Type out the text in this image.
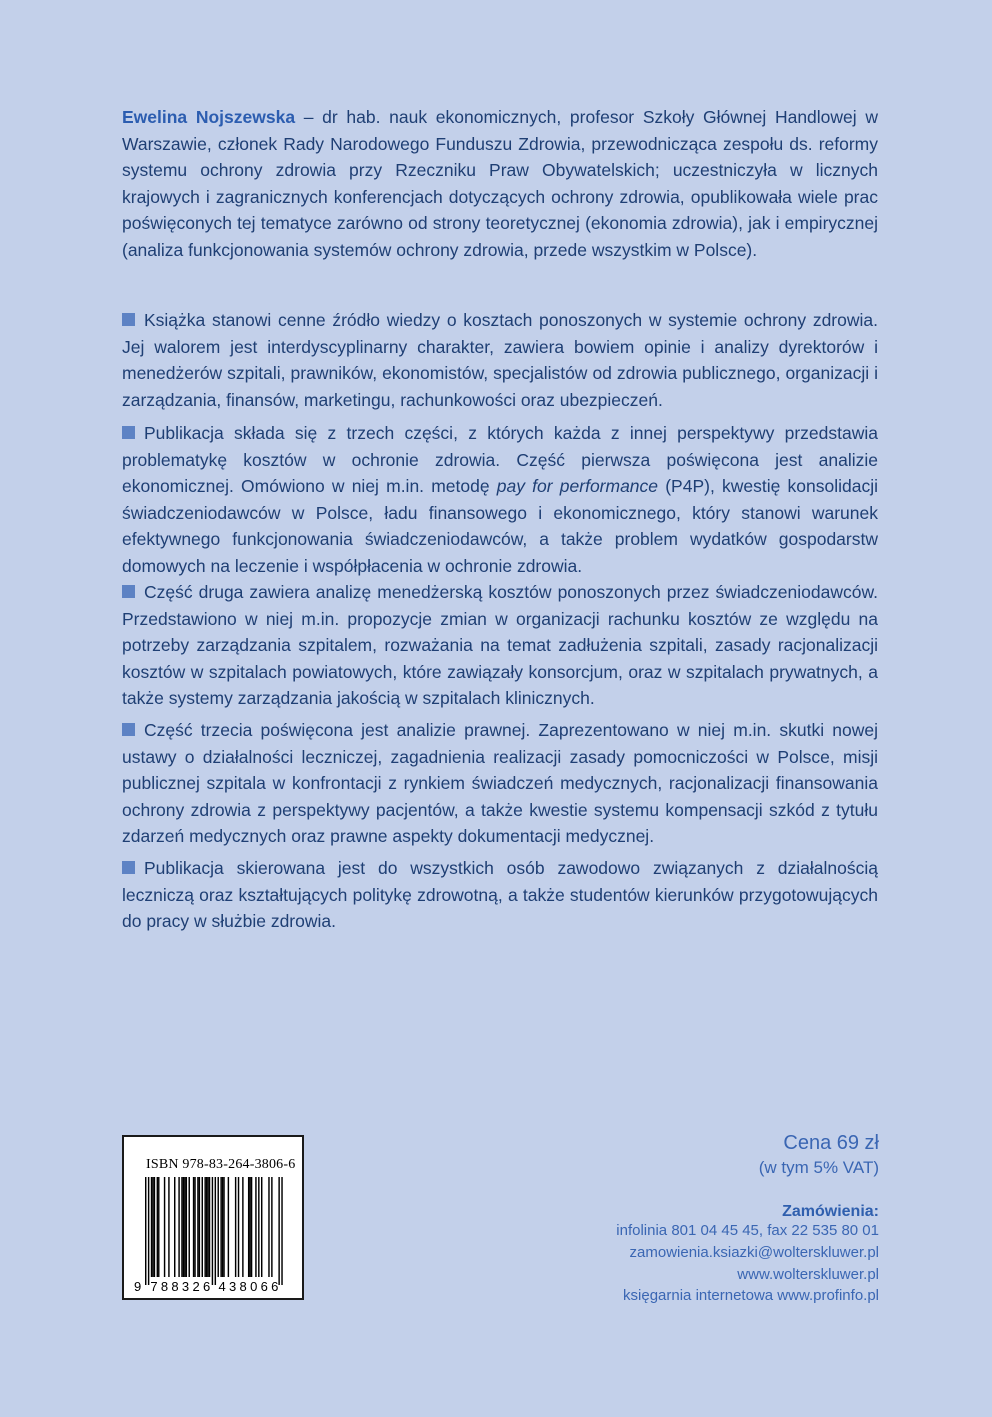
Ewelina Nojszewska – dr hab. nauk ekonomicznych, profesor Szkoły Głównej Handlowej w Warszawie, członek Rady Narodowego Funduszu Zdrowia, przewodnicząca zespołu ds. reformy systemu ochrony zdrowia przy Rzeczniku Praw Obywatelskich; uczestniczyła w licznych krajowych i zagranicznych konferencjach dotyczących ochrony zdrowia, opublikowała wiele prac poświęconych tej tematyce zarówno od strony teoretycznej (ekonomia zdrowia), jak i empirycznej (analiza funkcjonowania systemów ochrony zdrowia, przede wszystkim w Polsce).

Książka stanowi cenne źródło wiedzy o kosztach ponoszonych w systemie ochrony zdrowia. Jej walorem jest interdyscyplinarny charakter, zawiera bowiem opinie i analizy dyrektorów i menedżerów szpitali, prawników, ekonomistów, specjalistów od zdrowia publicznego, organizacji i zarządzania, finansów, marketingu, rachunkowości oraz ubezpieczeń.

Publikacja składa się z trzech części, z których każda z innej perspektywy przedstawia problematykę kosztów w ochronie zdrowia. Część pierwsza poświęcona jest analizie ekonomicznej. Omówiono w niej m.in. metodę pay for performance (P4P), kwestię konsolidacji świadczeniodawców w Polsce, ładu finansowego i ekonomicznego, który stanowi warunek efektywnego funkcjonowania świadczeniodawców, a także problem wydatków gospodarstw domowych na leczenie i współpłacenia w ochronie zdrowia.

Część druga zawiera analizę menedżerską kosztów ponoszonych przez świadczeniodawców. Przedstawiono w niej m.in. propozycje zmian w organizacji rachunku kosztów ze względu na potrzeby zarządzania szpitalem, rozważania na temat zadłużenia szpitali, zasady racjonalizacji kosztów w szpitalach powiatowych, które zawiązały konsorcjum, oraz w szpitalach prywatnych, a także systemy zarządzania jakością w szpitalach klinicznych.

Część trzecia poświęcona jest analizie prawnej. Zaprezentowano w niej m.in. skutki nowej ustawy o działalności leczniczej, zagadnienia realizacji zasady pomocniczości w Polsce, misji publicznej szpitala w konfrontacji z rynkiem świadczeń medycznych, racjonalizacji finansowania ochrony zdrowia z perspektywy pacjentów, a także kwestie systemu kompensacji szkód z tytułu zdarzeń medycznych oraz prawne aspekty dokumentacji medycznej.

Publikacja skierowana jest do wszystkich osób zawodowo związanych z działalnością leczniczą oraz kształtujących politykę zdrowotną, a także studentów kierunków przygotowujących do pracy w służbie zdrowia.

ISBN 978-83-264-3806-6
9 788326 438066
Cena 69 zł
(w tym 5% VAT)
Zamówienia:
infolinia 801 04 45 45, fax 22 535 80 01
zamowienia.ksiazki@wolterskluwer.pl
www.wolterskluwer.pl
księgarnia internetowa www.profinfo.pl
